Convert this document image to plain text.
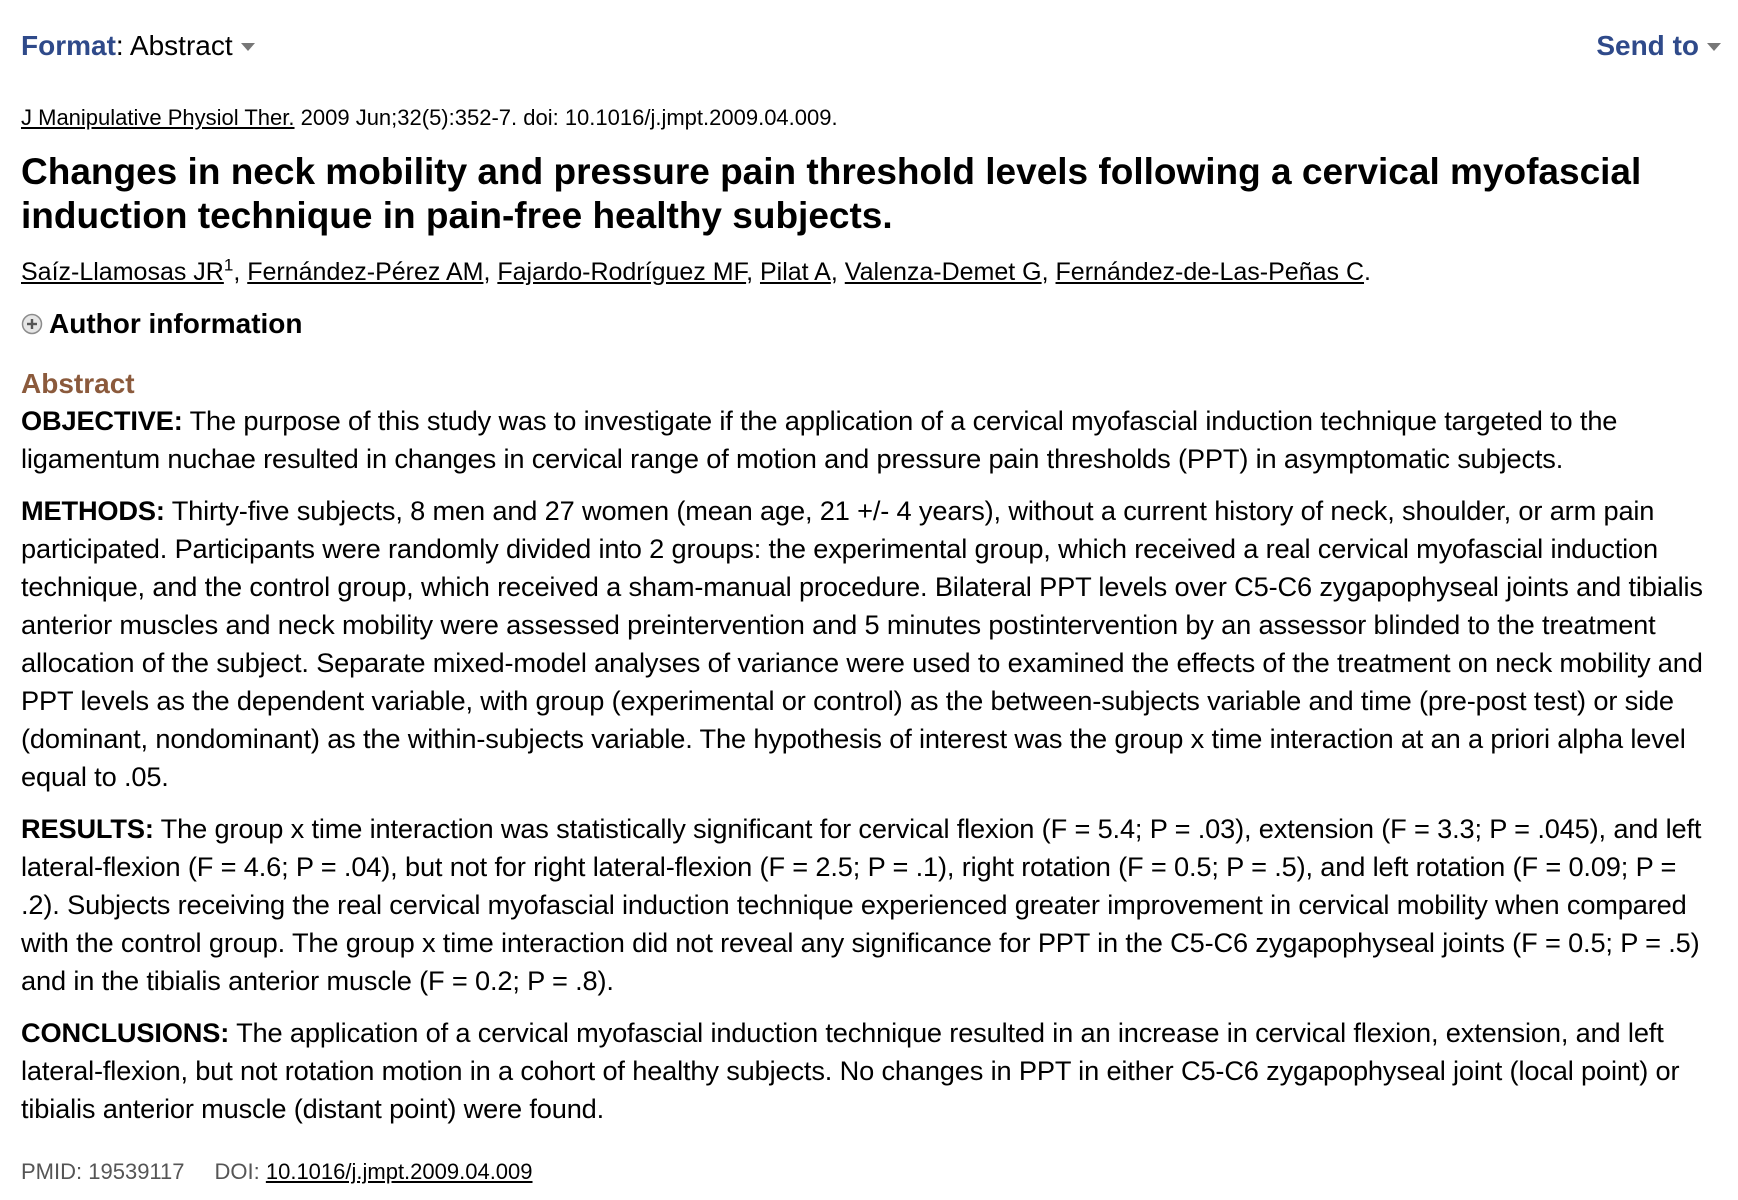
Format: Abstract	Send to
J Manipulative Physiol Ther. 2009 Jun;32(5):352-7. doi: 10.1016/j.jmpt.2009.04.009.
Changes in neck mobility and pressure pain threshold levels following a cervical myofascial induction technique in pain-free healthy subjects.
Saíz-Llamosas $JR^1$, Fernández-Pérez AM, Fajardo-Rodríguez MF, Pilat A, Valenza-Demet G, Fernández-de-Las-Peñas C.
Author information
Abstract

OBJECTIVE: The purpose of this study was to investigate if the application of a cervical myofascial induction technique targeted to the ligamentum nuchae resulted in changes in cervical range of motion and pressure pain thresholds (PPT) in asymptomatic subjects.

METHODS: Thirty-five subjects, 8 men and 27 women (mean age, 21 +/- 4 years), without a current history of neck, shoulder, or arm pain participated. Participants were randomly divided into 2 groups: the experimental group, which received a real cervical myofascial induction technique, and the control group, which received a sham-manual procedure. Bilateral PPT levels over C5-C6 zygapophyseal joints and tibialis anterior muscles and neck mobility were assessed preintervention and 5 minutes postintervention by an assessor blinded to the treatment allocation of the subject. Separate mixed-model analyses of variance were used to examined the effects of the treatment on neck mobility and PPT levels as the dependent variable, with group (experimental or control) as the between-subjects variable and time (pre-post test) or side (dominant, nondominant) as the within-subjects variable. The hypothesis of interest was the group x time interaction at an a priori alpha level equal to .05.

RESULTS: The group x time interaction was statistically significant for cervical flexion (F = 5.4; P = .03), extension (F = 3.3; P = .045), and left lateral-flexion (F = 4.6; P = .04), but not for right lateral-flexion (F = 2.5; P = .1), right rotation (F = 0.5; P = .5), and left rotation (F = 0.09; P = .2). Subjects receiving the real cervical myofascial induction technique experienced greater improvement in cervical mobility when compared with the control group. The group x time interaction did not reveal any significance for PPT in the C5-C6 zygapophyseal joints (F = 0.5; P = .5) and in the tibialis anterior muscle (F = 0.2; P = .8).

CONCLUSIONS: The application of a cervical myofascial induction technique resulted in an increase in cervical flexion, extension, and left lateral-flexion, but not rotation motion in a cohort of healthy subjects. No changes in PPT in either C5-C6 zygapophyseal joint (local point) or tibialis anterior muscle (distant point) were found.

PMID: 19539117 DOI: 10.1016/j.jmpt.2009.04.009
